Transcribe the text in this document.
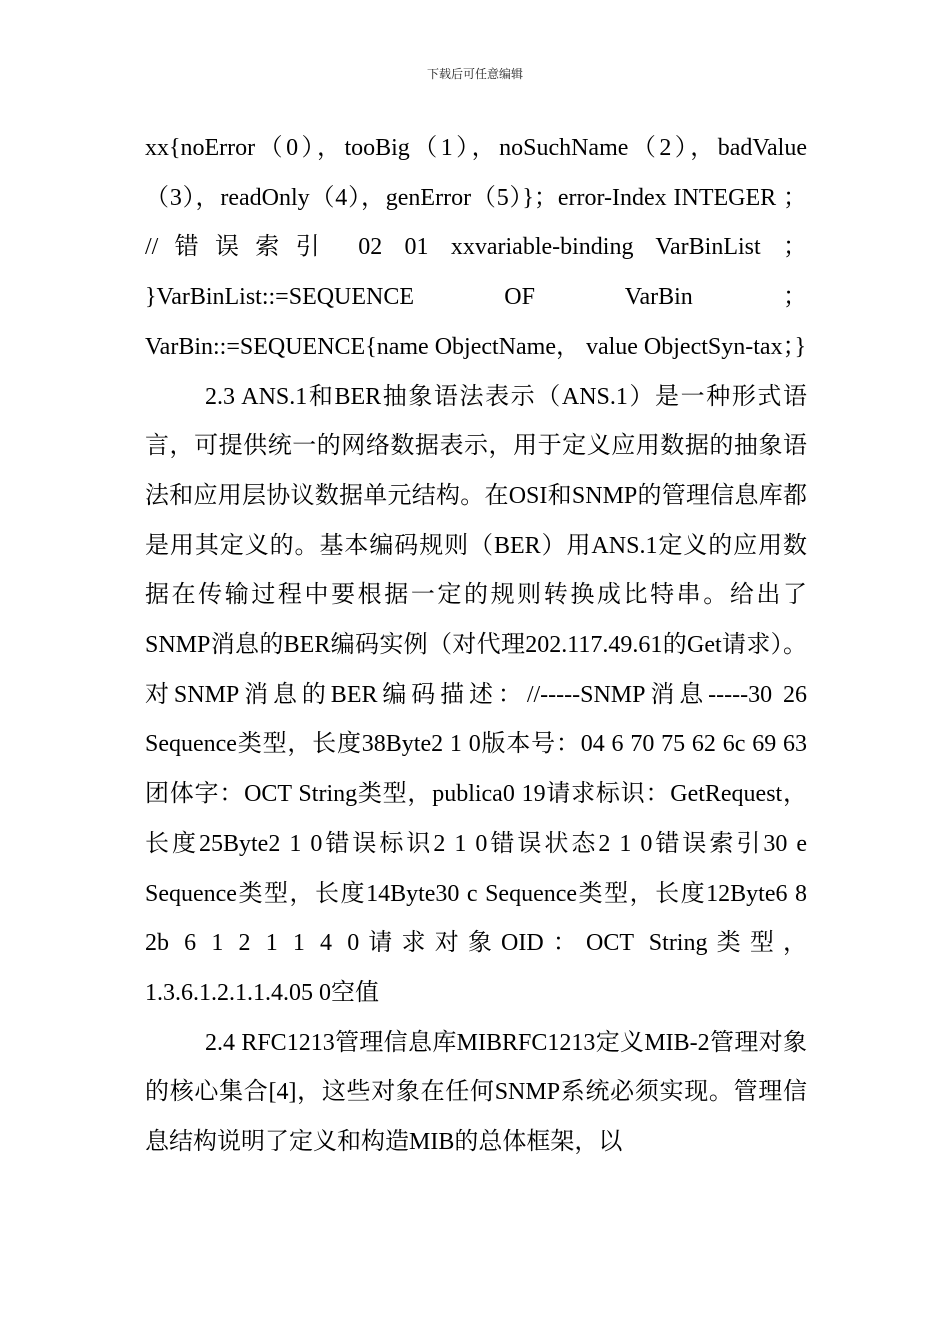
下载后可任意编辑

xx{noError（0），tooBig（1），noSuchName（2），badValue（3），readOnly（4），genError（5）}；error-Index INTEGER ； //错误索引 02 01 xxvariable-binding VarBinList ； }VarBinList::=SEQUENCE OF VarBin ； VarBin::=SEQUENCE{name ObjectName， value ObjectSyn-tax；}

2.3 ANS.1和BER抽象语法表示（ANS.1）是一种形式语言，可提供统一的网络数据表示，用于定义应用数据的抽象语法和应用层协议数据单元结构。在OSI和SNMP的管理信息库都是用其定义的。基本编码规则（BER）用ANS.1定义的应用数据在传输过程中要根据一定的规则转换成比特串。给出了SNMP消息的BER编码实例（对代理202.117.49.61的Get请求）。对SNMP消息的BER编码描述：//-----SNMP消息-----30 26 Sequence类型，长度38Byte2 1 0版本号：04 6 70 75 62 6c 69 63团体字：OCT String类型，publica0 19请求标识：GetRequest，长度25Byte2 1 0错误标识2 1 0错误状态2 1 0错误索引30 e Sequence类型，长度14Byte30 c Sequence类型，长度12Byte6 8 2b 6 1 2 1 1 4 0请求对象OID：OCT String类型，1.3.6.1.2.1.1.4.05 0空值

2.4 RFC1213管理信息库MIBRFC1213定义MIB-2管理对象的核心集合[4]，这些对象在任何SNMP系统必须实现。管理信息结构说明了定义和构造MIB的总体框架，以
